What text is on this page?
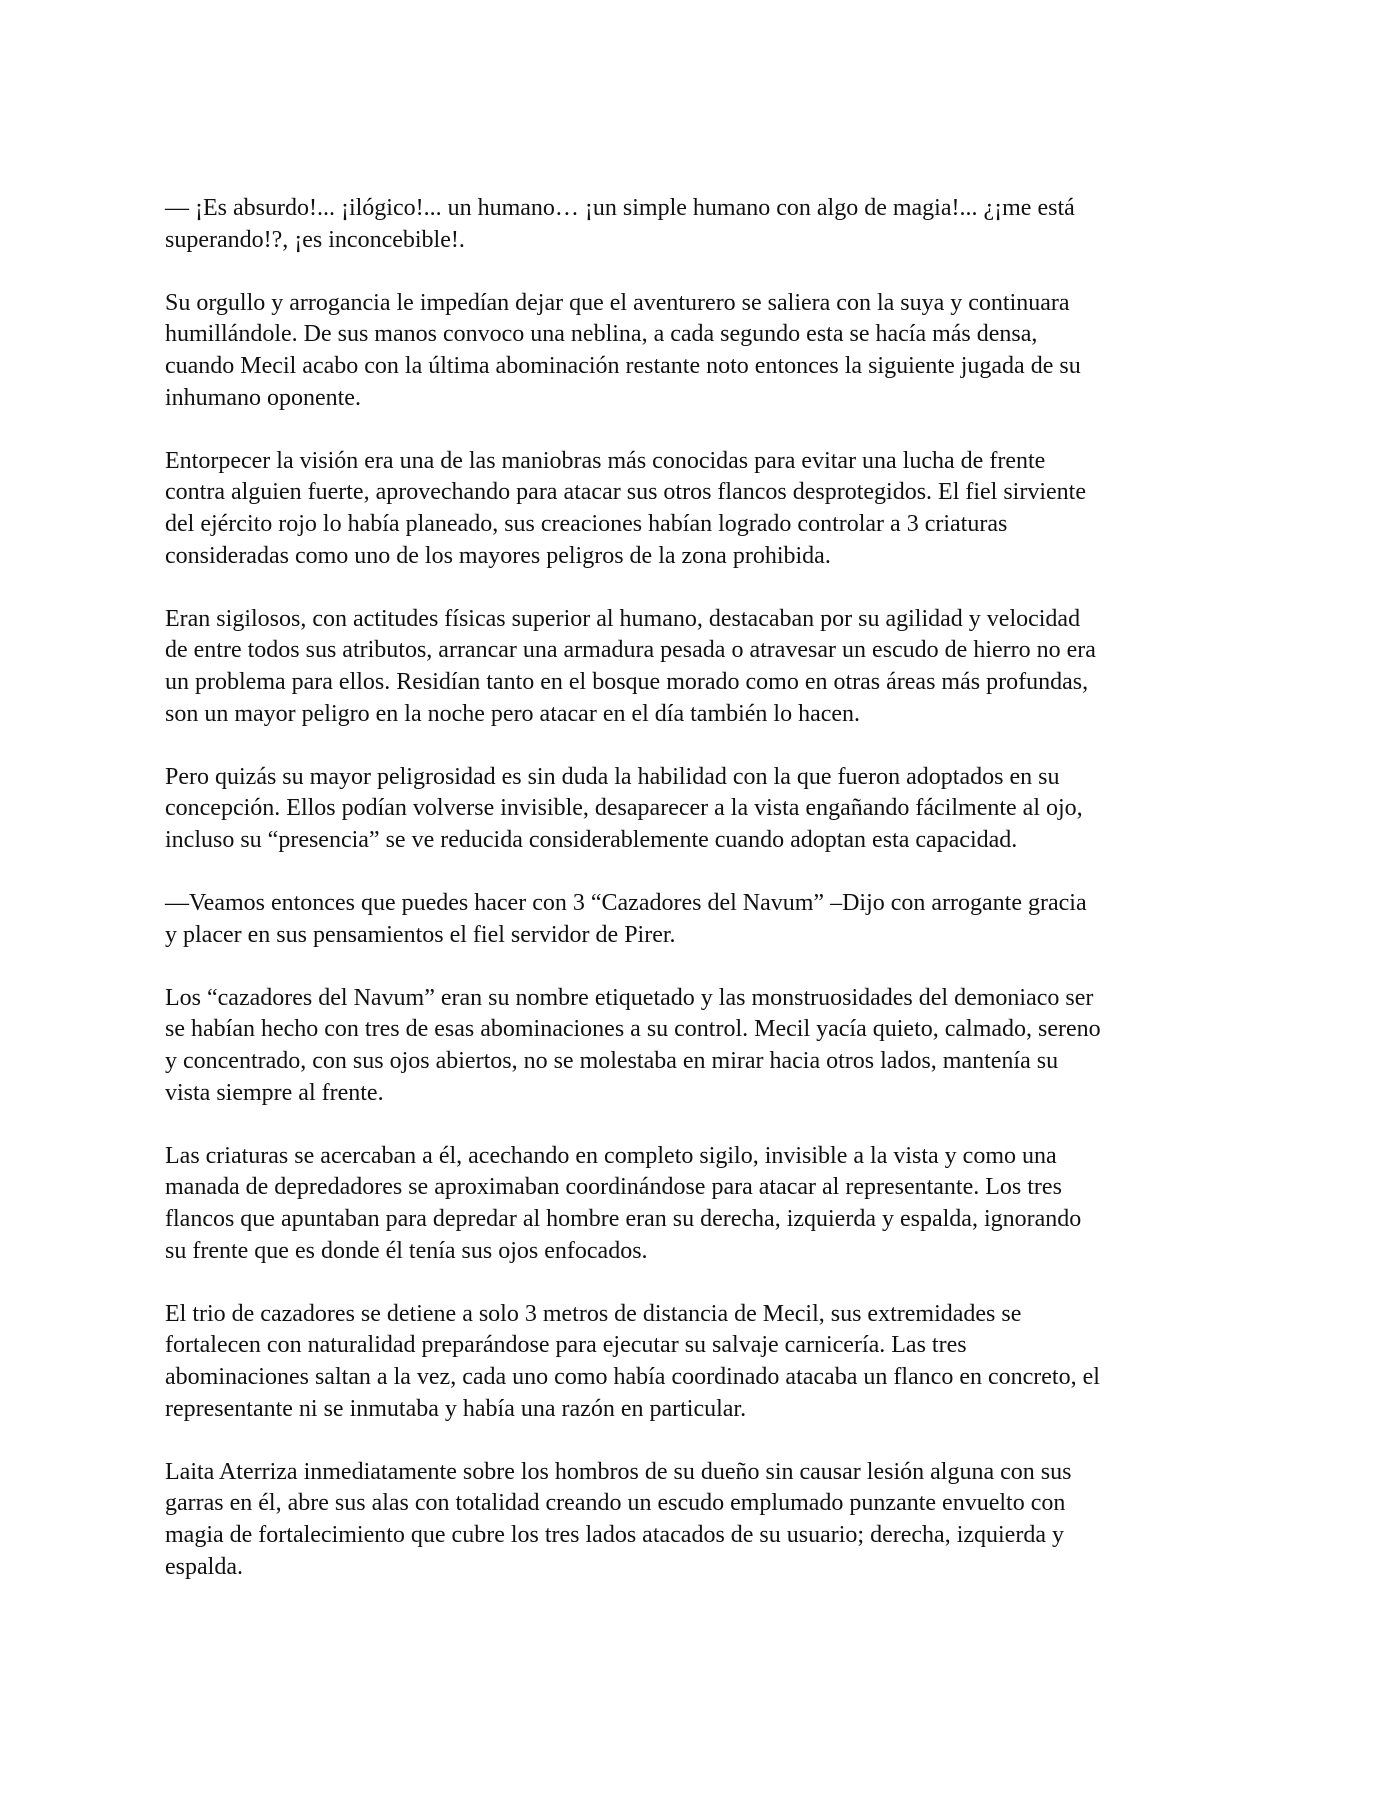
— ¡Es absurdo!... ¡ilógico!... un humano… ¡un simple humano con algo de magia!... ¿¡me está
superando!?, ¡es inconcebible!.

Su orgullo y arrogancia le impedían dejar que el aventurero se saliera con la suya y continuara
humillándole. De sus manos convoco una neblina, a cada segundo esta se hacía más densa,
cuando Mecil acabo con la última abominación restante noto entonces la siguiente jugada de su
inhumano oponente.

Entorpecer la visión era una de las maniobras más conocidas para evitar una lucha de frente
contra alguien fuerte, aprovechando para atacar sus otros flancos desprotegidos. El fiel sirviente
del ejército rojo lo había planeado, sus creaciones habían logrado controlar a 3 criaturas
consideradas como uno de los mayores peligros de la zona prohibida.

Eran sigilosos, con actitudes físicas superior al humano, destacaban por su agilidad y velocidad
de entre todos sus atributos, arrancar una armadura pesada o atravesar un escudo de hierro no era
un problema para ellos. Residían tanto en el bosque morado como en otras áreas más profundas,
son un mayor peligro en la noche pero atacar en el día también lo hacen.

Pero quizás su mayor peligrosidad es sin duda la habilidad con la que fueron adoptados en su
concepción. Ellos podían volverse invisible, desaparecer a la vista engañando fácilmente al ojo,
incluso su “presencia” se ve reducida considerablemente cuando adoptan esta capacidad.

—Veamos entonces que puedes hacer con 3 “Cazadores del Navum” –Dijo con arrogante gracia
y placer en sus pensamientos el fiel servidor de Pirer.

Los “cazadores del Navum” eran su nombre etiquetado y las monstruosidades del demoniaco ser
se habían hecho con tres de esas abominaciones a su control. Mecil yacía quieto, calmado, sereno
y concentrado, con sus ojos abiertos, no se molestaba en mirar hacia otros lados, mantenía su
vista siempre al frente.

Las criaturas se acercaban a él, acechando en completo sigilo, invisible a la vista y como una
manada de depredadores se aproximaban coordinándose para atacar al representante. Los tres
flancos que apuntaban para depredar al hombre eran su derecha, izquierda y espalda, ignorando
su frente que es donde él tenía sus ojos enfocados.

El trio de cazadores se detiene a solo 3 metros de distancia de Mecil, sus extremidades se
fortalecen con naturalidad preparándose para ejecutar su salvaje carnicería. Las tres
abominaciones saltan a la vez, cada uno como había coordinado atacaba un flanco en concreto, el
representante ni se inmutaba y había una razón en particular.

Laita Aterriza inmediatamente sobre los hombros de su dueño sin causar lesión alguna con sus
garras en él, abre sus alas con totalidad creando un escudo emplumado punzante envuelto con
magia de fortalecimiento que cubre los tres lados atacados de su usuario; derecha, izquierda y
espalda.
